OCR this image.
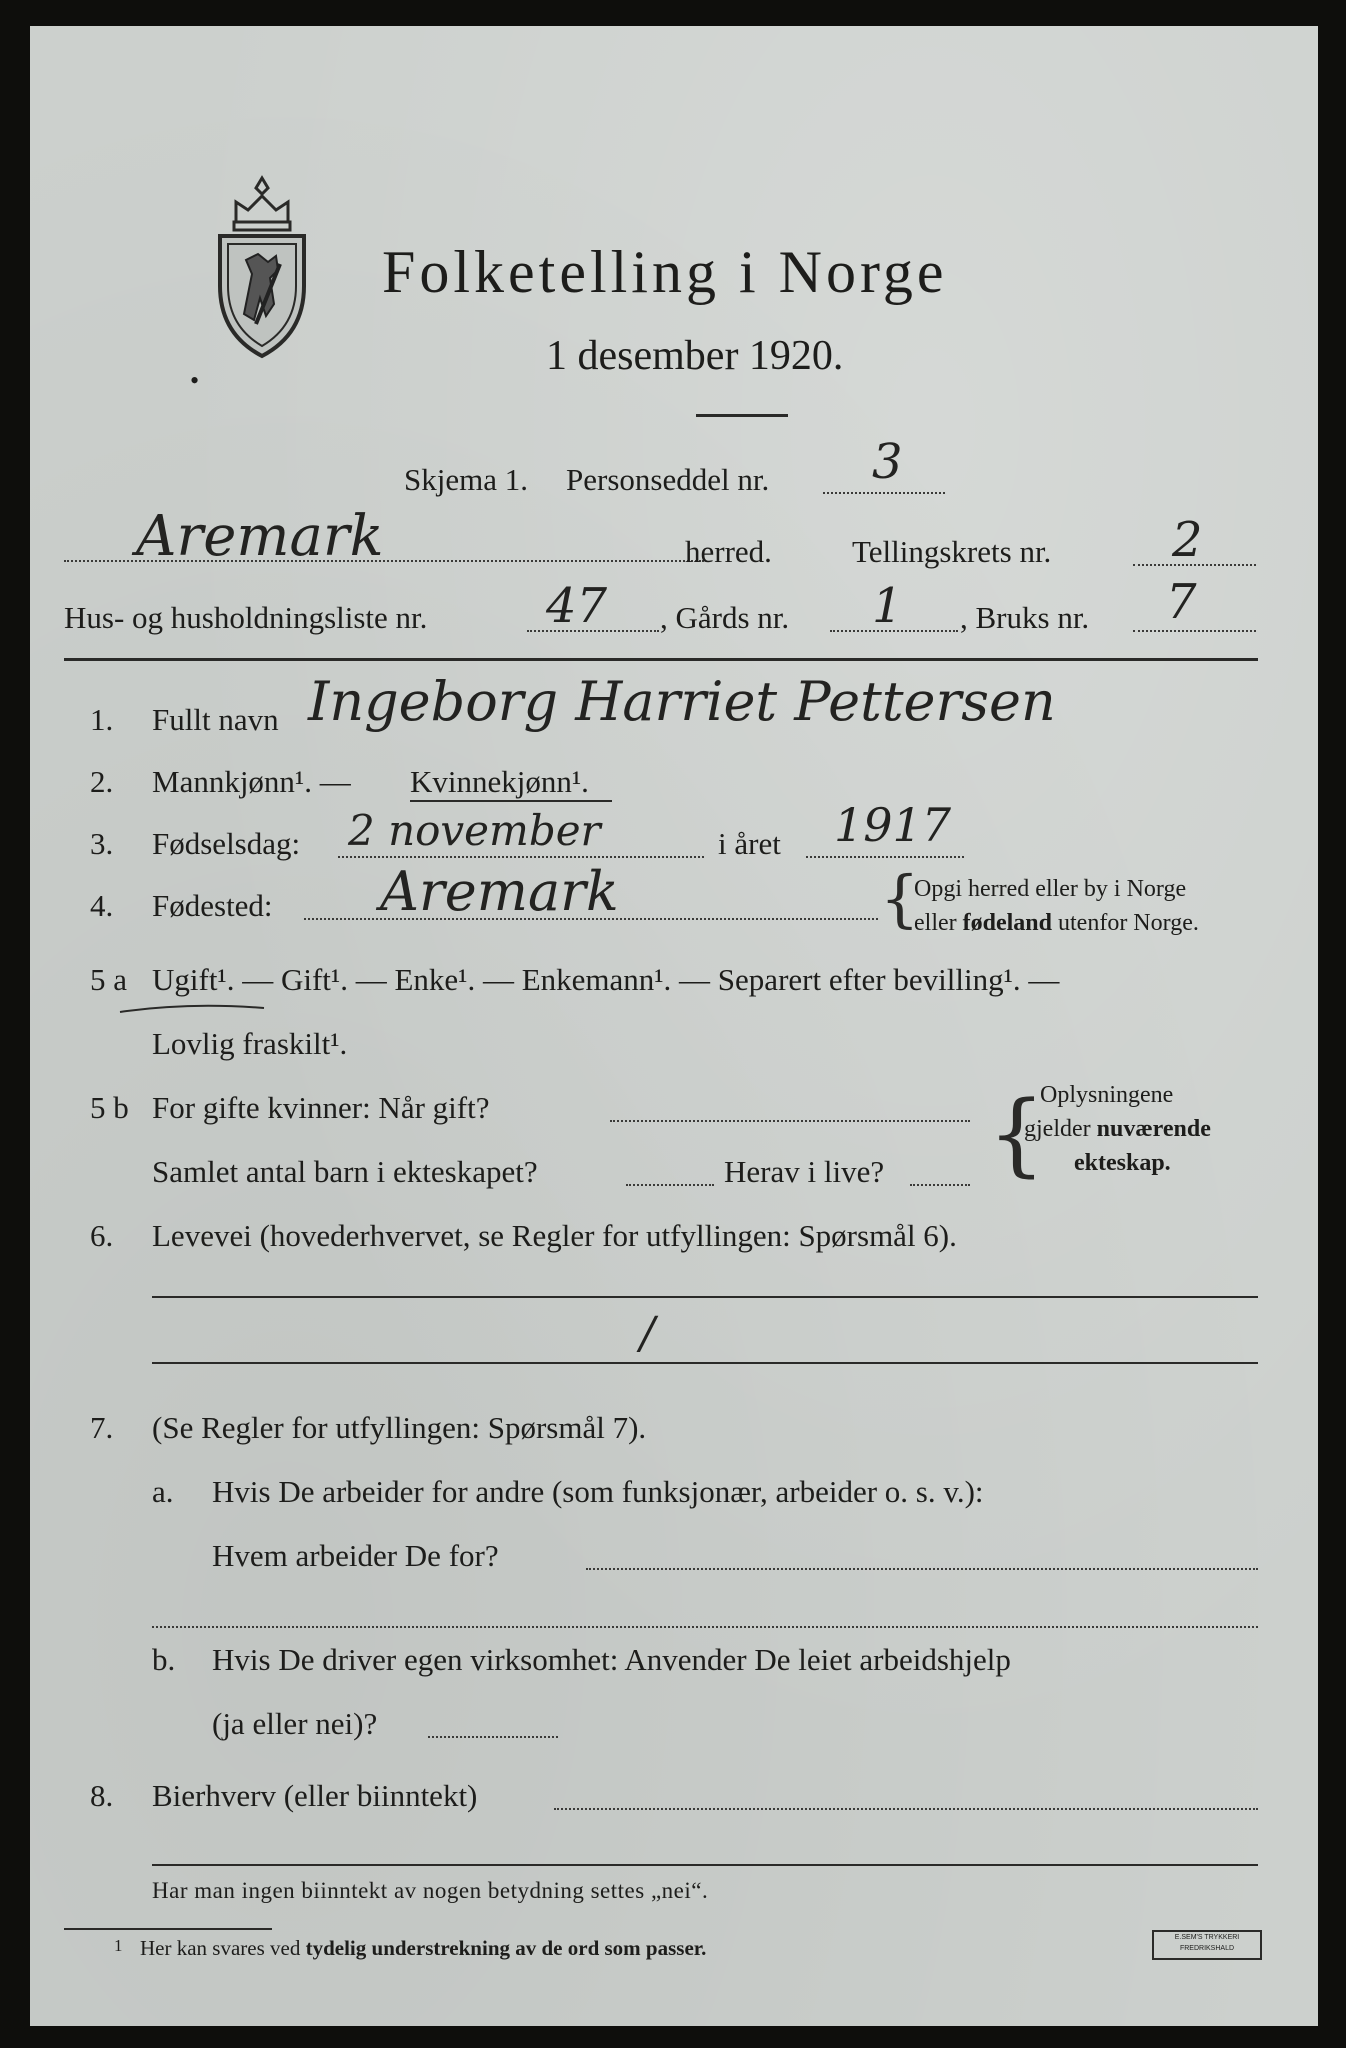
Folketelling i Norge
1 desember 1920.
•
Skjema 1. Personseddel nr. 3
Aremark	herred.	Tellingskrets nr.	2
Hus- og husholdningsliste nr. 47 , Gårds nr. 1 , Bruks nr. 7
1. Fullt navn Ingeborg Harriet Pettersen
2. Mannkjønn¹. — Kvinnekjønn¹.
3. Fødselsdag: 2 november	i året 1917
4. Fødested: Aremark	{
Opgi herred eller by i Norge
eller fødeland utenfor Norge.
5 a Ugift¹. — Gift¹. — Enke¹. — Enkemann¹. — Separert efter bevilling¹. —
Lovlig fraskilt¹.
5 b For gifte kvinner: Når gift?
Samlet antal barn i ekteskapet?	Herav i live? {
Oplysningene
gjelder nuværende
ekteskap.
6. Levevei (hovederhvervet, se Regler for utfyllingen: Spørsmål 6).
/
7. (Se Regler for utfyllingen: Spørsmål 7).
a. Hvis De arbeider for andre (som funksjonær, arbeider o. s. v.):
Hvem arbeider De for?
b. Hvis De driver egen virksomhet: Anvender De leiet arbeidshjelp
(ja eller nei)?
8. Bierhverv (eller biinntekt)
Har man ingen biinntekt av nogen betydning settes „nei“.
1 Her kan svares ved tydelig understrekning av de ord som passer.	E.SEM'S TRYKKERI
FREDRIKSHALD
